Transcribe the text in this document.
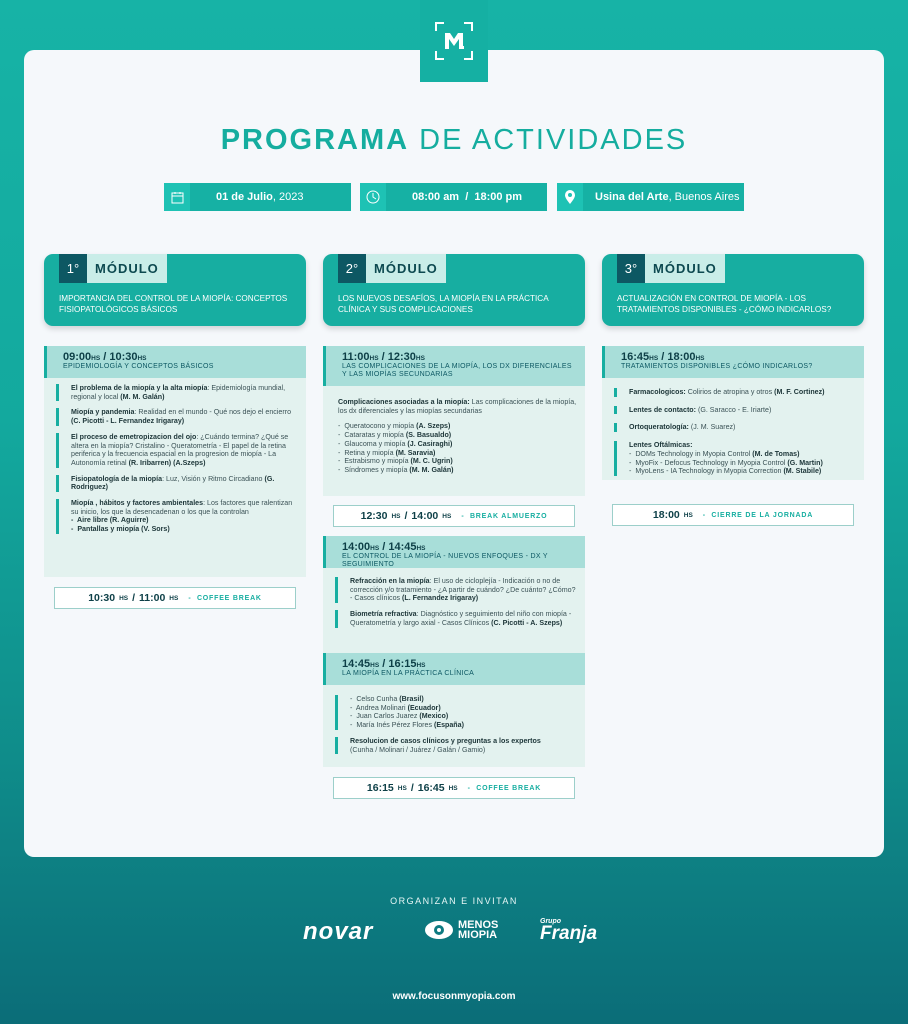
PROGRAMA DE ACTIVIDADES
01 de Julio, 2023	08:00 am  /  18:00 pm	Usina del Arte, Buenos Aires
1°	MÓDULO
IMPORTANCIA DEL CONTROL DE LA MIOPÍA: CONCEPTOS FISIOPATOLÓGICOS BÁSICOS
2°	MÓDULO
LOS NUEVOS DESAFÍOS, LA MIOPÍA EN LA PRÁCTICA CLÍNICA Y SUS COMPLICACIONES
3°	MÓDULO
ACTUALIZACIÓN EN CONTROL DE MIOPÍA - LOS TRATAMIENTOS DISPONIBLES - ¿CÓMO INDICARLOS?
09:00HS / 10:30HS
EPIDEMIOLOGÍA Y CONCEPTOS BÁSICOS
El problema de la miopía y la alta miopía: Epidemiología mundial, regional y local (M. M. Galán)
Miopía y pandemia: Realidad en el mundo - Qué nos dejo el encierro (C. Picotti - L. Fernandez Irigaray)
El proceso de emetropizacion del ojo: ¿Cuándo termina? ¿Qué se altera en la miopía? Cristalino - Queratometría - El papel de la retina periferica y la frecuencia espacial en la progresion de miopía - La Autonomía retinal (R. Iribarren) (A.Szeps)
Fisiopatología de la miopía: Luz, Visión y Ritmo Circadiano (G. Rodriguez)
Miopía , hábitos y factores ambientales: Los factores que ralentizan su inicio, los que la desencadenan o los que la controlan
-  Aire libre (R. Aguirre)
-  Pantallas y miopía (V. Sors)
10:30 HS / 11:00 HS -  COFFEE BREAK
11:00HS / 12:30HS
LAS COMPLICACIONES DE LA MIOPÍA, LOS DX DIFERENCIALES Y LAS MIOPÍAS SECUNDARIAS
Complicaciones asociadas a la miopía: Las complicaciones de la miopía, los dx diferenciales y las miopías secundarias
-  Queratocono y miopía (A. Szeps)
-  Cataratas y miopía (S. Basualdo)
-  Glaucoma y miopía (J. Casiraghi)
-  Retina y miopía (M. Saravia)
-  Estrabismo y miopía (M. C. Ugrin)
-  Síndromes y miopía (M. M. Galán)
12:30 HS / 14:00 HS -  BREAK ALMUERZO
14:00HS / 14:45HS
EL CONTROL DE LA MIOPÍA - NUEVOS ENFOQUES - DX Y SEGUIMIENTO
Refracción en la miopía: El uso de cicloplejía - Indicación o no de corrección y/o tratamiento - ¿A partir de cuándo? ¿De cuánto? ¿Cómo? - Casos clínicos (L. Fernandez Irigaray)
Biometría refractiva: Diagnóstico y seguimiento del niño con miopía - Queratometría y largo axial - Casos Clínicos (C. Picotti - A. Szeps)
14:45HS / 16:15HS
LA MIOPÍA EN LA PRÁCTICA CLÍNICA
-  Celso Cunha (Brasil)
-  Andrea Molinari (Ecuador)
-  Juan Carlos Juarez (Mexico)
-  María Inés Pérez Flores (España)
Resolucion de casos clínicos y preguntas a los expertos
(Cunha / Molinari / Juárez / Galán / Gamio)
16:15 HS / 16:45 HS -  COFFEE BREAK
16:45HS / 18:00HS
TRATAMIENTOS DISPONIBLES ¿CÓMO INDICARLOS?
Farmacologicos: Colirios de atropina y otros (M. F. Cortinez)
Lentes de contacto: (G. Saracco - E. Iriarte)
Ortoqueratología: (J. M. Suarez)
Lentes Oftálmicas:
-  DOMs Technology in Myopia Control (M. de Tomas)
-  MyoFix - Defocus Technology in Myopia Control (G. Martin)
-  MyoLens - IA Technology in Myopia Correction (M. Stabile)
18:00 HS -  CIERRE DE LA JORNADA
ORGANIZAN E INVITAN
novar	MENOS
MIOPIA
Grupo
Franja
www.focusonmyopia.com
